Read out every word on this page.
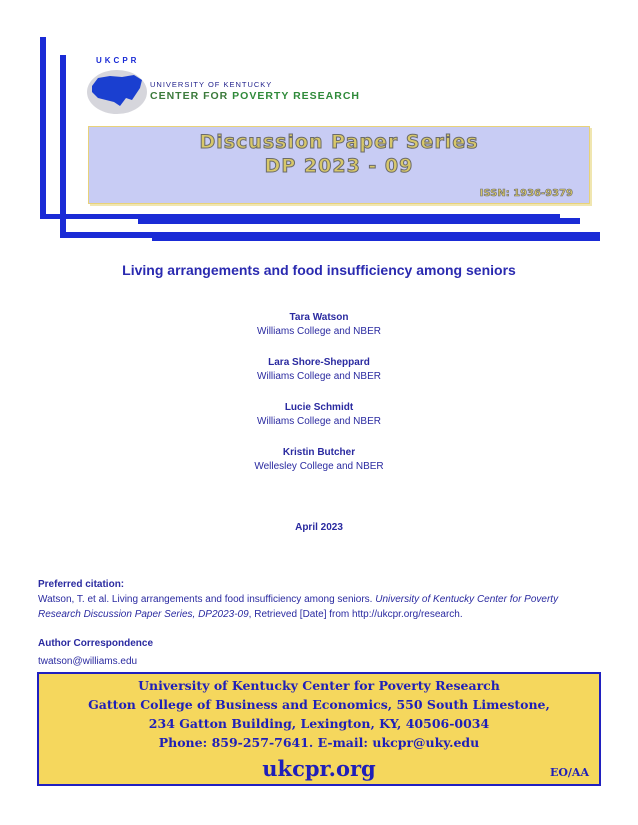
UKCPR
UNIVERSITY OF KENTUCKY
CENTER FOR POVERTY RESEARCH
Discussion Paper Series
DP 2023 - 09
ISSN: 1936-9379
Living arrangements and food insufficiency among seniors
Tara Watson
Williams College and NBER
Lara Shore-Sheppard
Williams College and NBER
Lucie Schmidt
Williams College and NBER
Kristin Butcher
Wellesley College and NBER
April 2023
Preferred citation:
Watson, T. et al. Living arrangements and food insufficiency among seniors. University of Kentucky Center for Poverty Research Discussion Paper Series, DP2023-09, Retrieved [Date] from http://ukcpr.org/research.
Author Correspondence
twatson@williams.edu
University of Kentucky Center for Poverty Research
Gatton College of Business and Economics, 550 South Limestone,
234 Gatton Building, Lexington, KY, 40506-0034
Phone: 859-257-7641. E-mail: ukcpr@uky.edu
ukcpr.org	EO/AA
